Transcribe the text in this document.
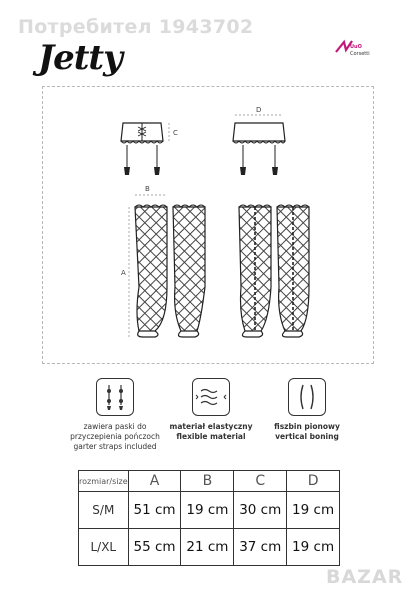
Потребител 1943702
Jetty	UuO
Corsetti
C
D
B
A
zawiera paski do
przyczepienia pończoch
garter straps included
materiał elastyczny
flexible material
fiszbin pionowy
vertical boning
rozmiar/size	A	B	C	D
S/M	51 cm	19 cm	30 cm	19 cm
L/XL	55 cm	21 cm	37 cm	19 cm
BAZAR
